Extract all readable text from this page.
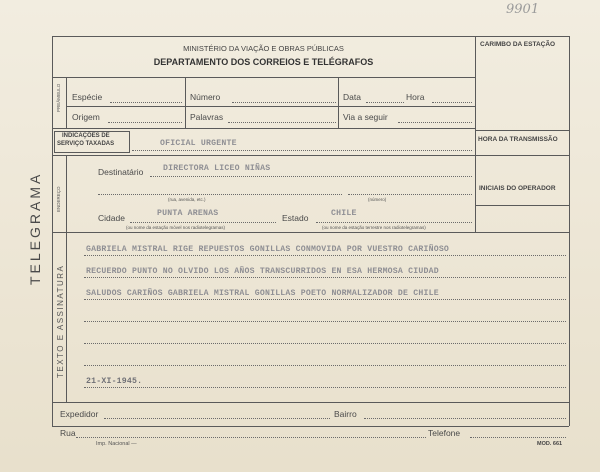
9901
TELEGRAMA
MINISTÉRIO DA VIAÇÃO E OBRAS PÚBLICAS
DEPARTAMENTO DOS CORREIOS E TELÉGRAFOS
CARIMBO DA ESTAÇÃO
HORA DA TRANSMISSÃO
INICIAIS DO OPERADOR
PREÂMBULO Espécie	Número	Data	Hora
Origem	Palavras	Via a seguir
INDICAÇÕES DE
SERVIÇO TAXADAS	OFICIAL URGENTE
ENDEREÇO
Destinatário DIRECTORA LICEO NIÑAS
(rua, avenida, etc.)	(número)
Cidade	PUNTA ARENAS	Estado	CHILE
(ou nome da estação móvel nos radiotelegramas)	(ou nome da estação terrestre nos radiotelegramas)
TEXTO E ASSINATURA
GABRIELA MISTRAL RIGE REPUESTOS GONILLAS CONMOVIDA POR VUESTRO CARIÑOSO
RECUERDO PUNTO NO OLVIDO LOS AÑOS TRANSCURRIDOS EN ESA HERMOSA CIUDAD
SALUDOS CARIÑOS GABRIELA MISTRAL GONILLAS POETO NORMALIZADOR DE CHILE
21-XI-1945.
Expedidor	Bairro
Rua	Telefone
Imp. Nacional —	MOD. 661
